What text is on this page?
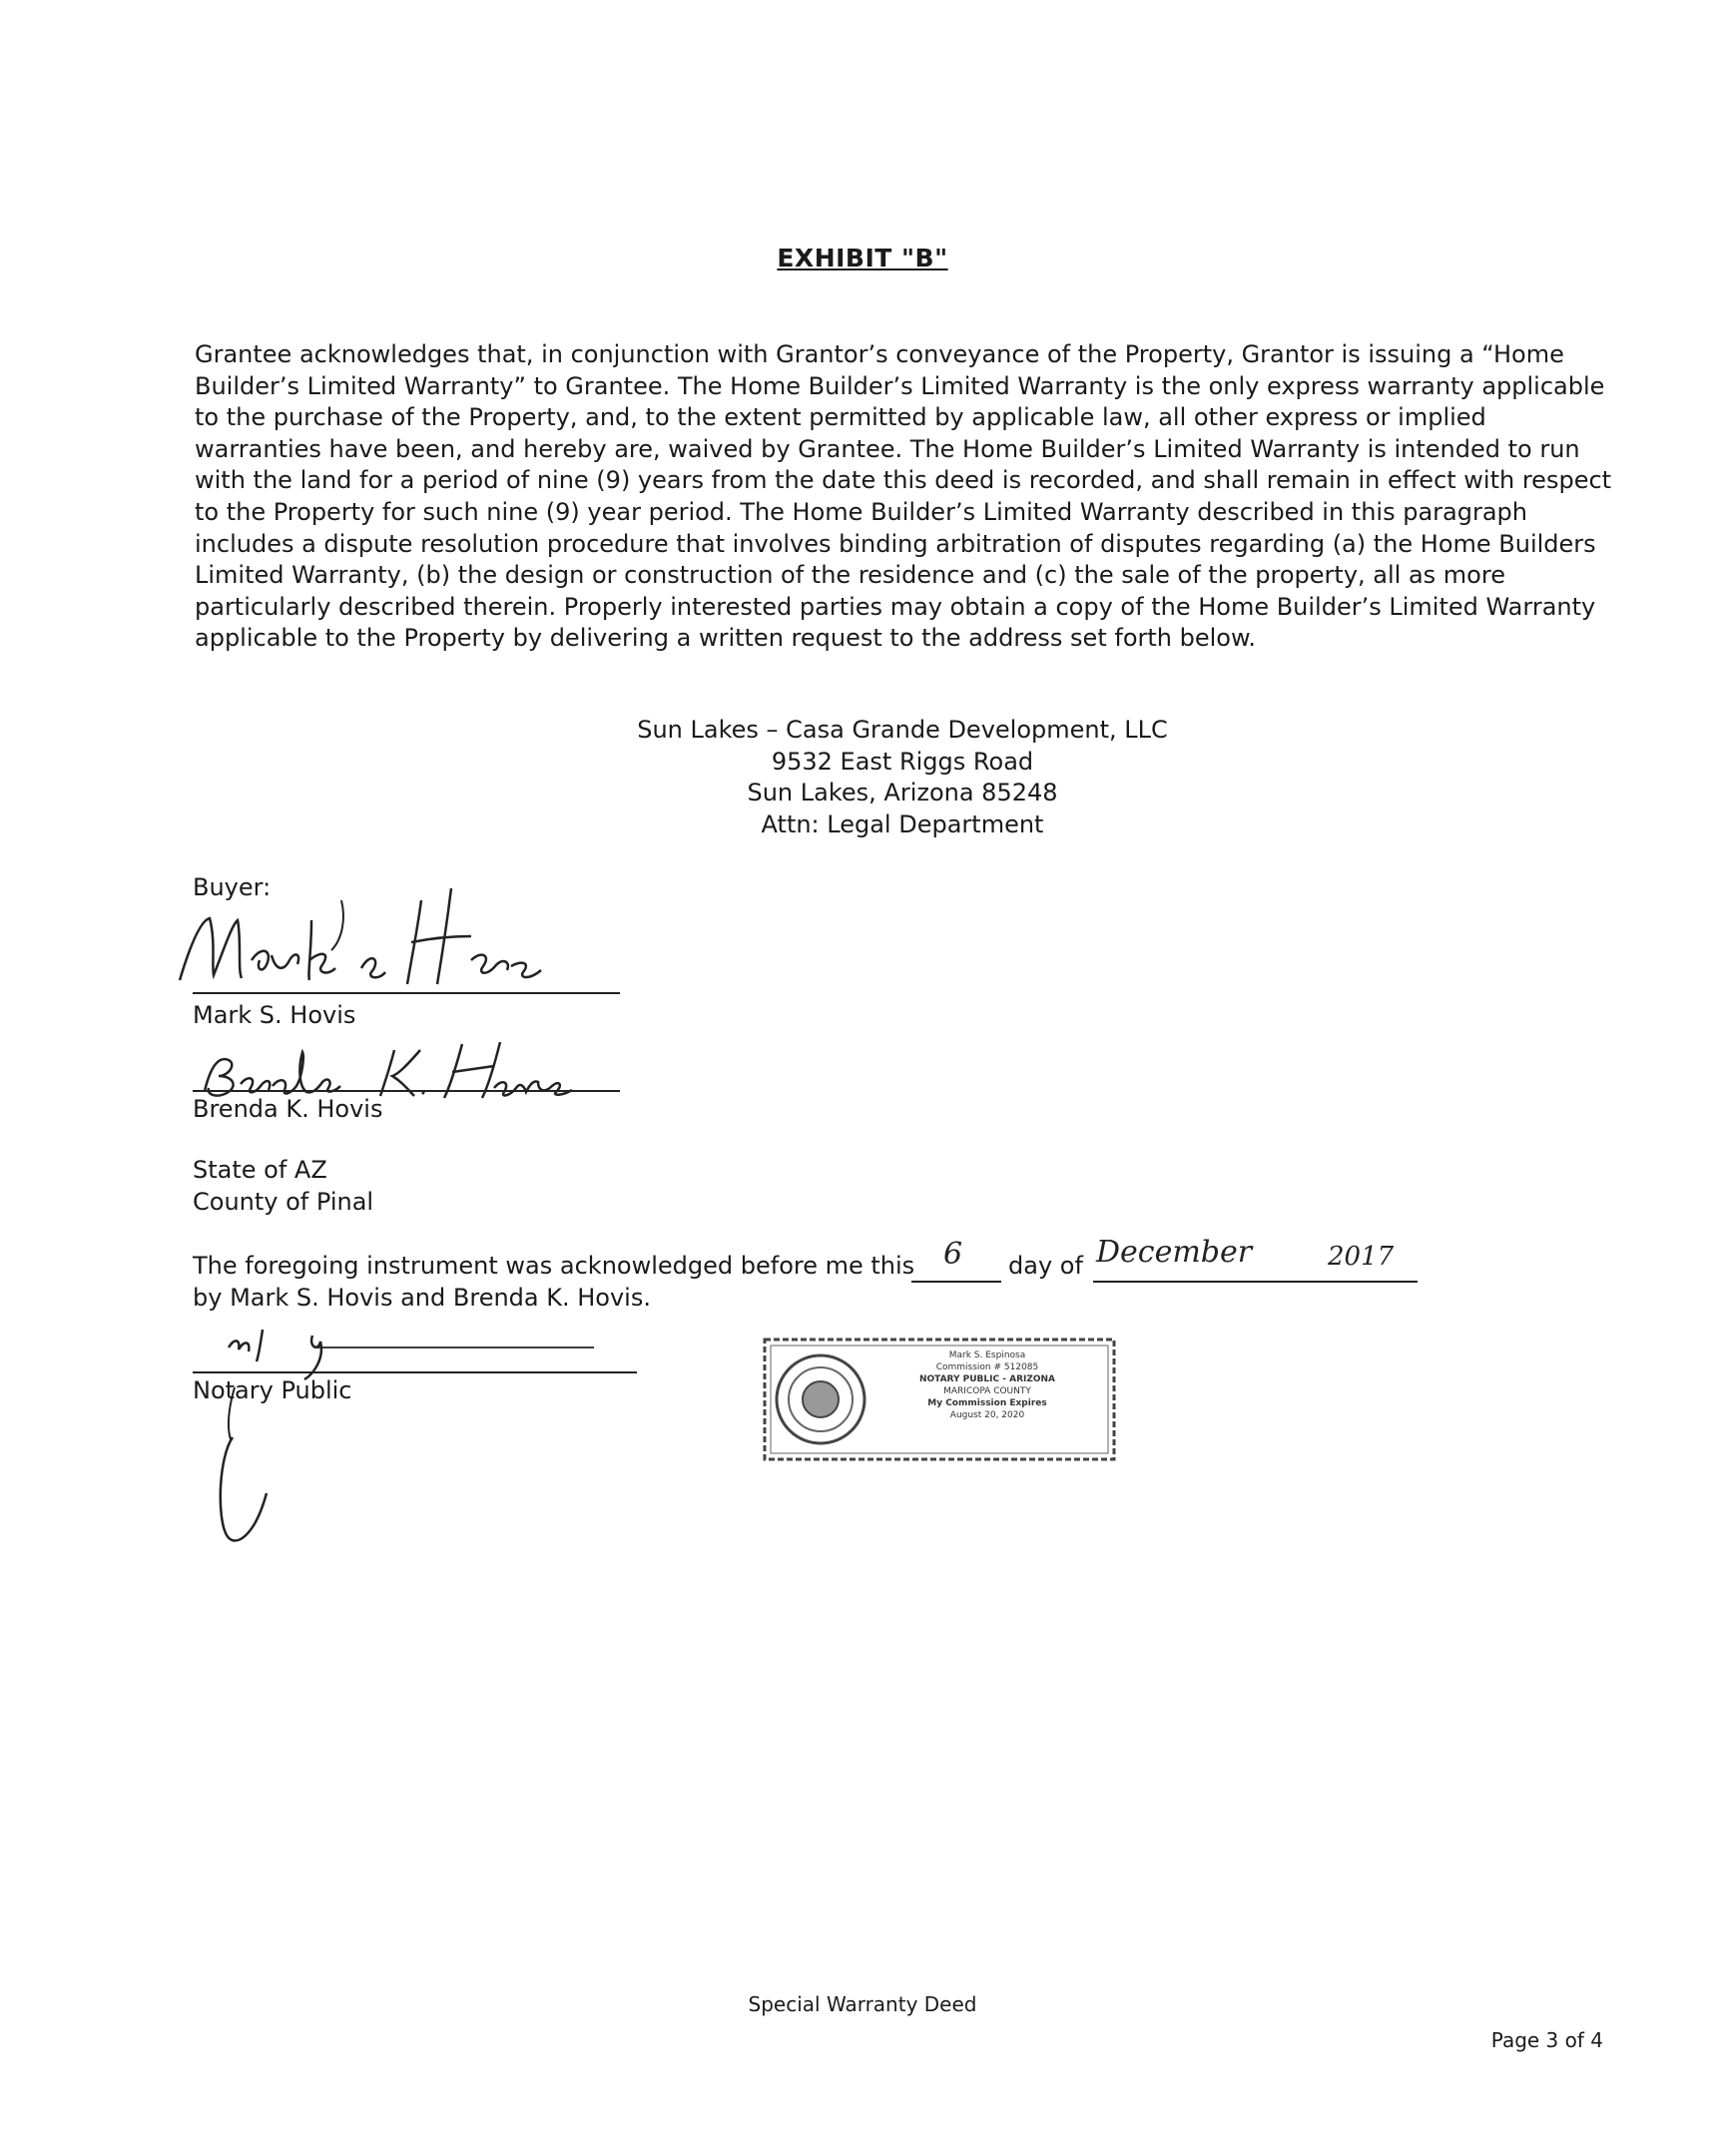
EXHIBIT "B"
Grantee acknowledges that, in conjunction with Grantor’s conveyance of the Property, Grantor is issuing a “Home Builder’s Limited Warranty” to Grantee. The Home Builder’s Limited Warranty is the only express warranty applicable to the purchase of the Property, and, to the extent permitted by applicable law, all other express or implied warranties have been, and hereby are, waived by Grantee. The Home Builder’s Limited Warranty is intended to run with the land for a period of nine (9) years from the date this deed is recorded, and shall remain in effect with respect to the Property for such nine (9) year period. The Home Builder’s Limited Warranty described in this paragraph includes a dispute resolution procedure that involves binding arbitration of disputes regarding (a) the Home Builders Limited Warranty, (b) the design or construction of the residence and (c) the sale of the property, all as more particularly described therein. Properly interested parties may obtain a copy of the Home Builder’s Limited Warranty applicable to the Property by delivering a written request to the address set forth below.
Sun Lakes – Casa Grande Development, LLC
9532 East Riggs Road
Sun Lakes, Arizona 85248
Attn: Legal Department
Buyer:
Mark S. Hovis
Brenda K. Hovis
State of AZ
County of Pinal
The foregoing instrument was acknowledged before me this 6 day of December	2017
by Mark S. Hovis and Brenda K. Hovis.
Notary Public
Mark S. Espinosa
Commission # 512085
NOTARY PUBLIC - ARIZONA
MARICOPA COUNTY
My Commission Expires
August 20, 2020
Special Warranty Deed
Page 3 of 4
